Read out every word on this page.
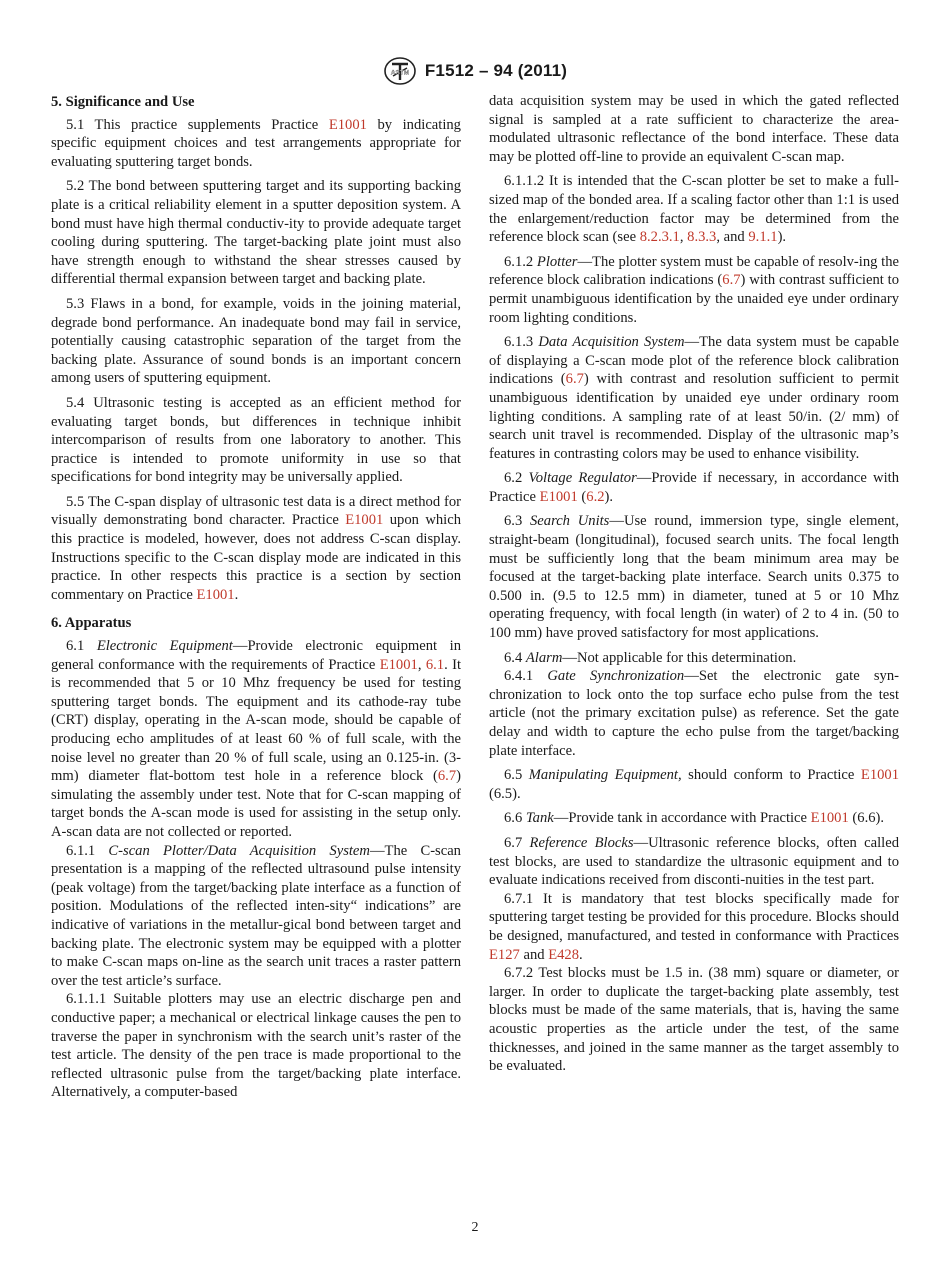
ASTM F1512 – 94 (2011)
5. Significance and Use

5.1 This practice supplements Practice E1001 by indicating specific equipment choices and test arrangements appropriate for evaluating sputtering target bonds.

5.2 The bond between sputtering target and its supporting backing plate is a critical reliability element in a sputter deposition system. A bond must have high thermal conductiv-ity to provide adequate target cooling during sputtering. The target-backing plate joint must also have strength enough to withstand the shear stresses caused by differential thermal expansion between target and backing plate.

5.3 Flaws in a bond, for example, voids in the joining material, degrade bond performance. An inadequate bond may fail in service, potentially causing catastrophic separation of the target from the backing plate. Assurance of sound bonds is an important concern among users of sputtering equipment.

5.4 Ultrasonic testing is accepted as an efficient method for evaluating target bonds, but differences in technique inhibit intercomparison of results from one laboratory to another. This practice is intended to promote uniformity in use so that specifications for bond integrity may be universally applied.

5.5 The C-span display of ultrasonic test data is a direct method for visually demonstrating bond character. Practice E1001 upon which this practice is modeled, however, does not address C-scan display. Instructions specific to the C-scan display mode are indicated in this practice. In other respects this practice is a section by section commentary on Practice E1001.

6. Apparatus

6.1 Electronic Equipment—Provide electronic equipment in general conformance with the requirements of Practice E1001, 6.1. It is recommended that 5 or 10 Mhz frequency be used for testing sputtering target bonds. The equipment and its cathode-ray tube (CRT) display, operating in the A-scan mode, should be capable of producing echo amplitudes of at least 60 % of full scale, with the noise level no greater than 20 % of full scale, using an 0.125-in. (3-mm) diameter flat-bottom test hole in a reference block (6.7) simulating the assembly under test. Note that for C-scan mapping of target bonds the A-scan mode is used for assisting in the setup only. A-scan data are not collected or reported.

6.1.1 C-scan Plotter/Data Acquisition System—The C-scan presentation is a mapping of the reflected ultrasound pulse intensity (peak voltage) from the target/backing plate interface as a function of position. Modulations of the reflected inten-sity“ indications” are indicative of variations in the metallur-gical bond between target and backing plate. The electronic system may be equipped with a plotter to make C-scan maps on-line as the search unit traces a raster pattern over the test article’s surface.

6.1.1.1 Suitable plotters may use an electric discharge pen and conductive paper; a mechanical or electrical linkage causes the pen to traverse the paper in synchronism with the search unit’s raster of the test article. The density of the pen trace is made proportional to the reflected ultrasonic pulse from the target/backing plate interface. Alternatively, a computer-based

data acquisition system may be used in which the gated reflected signal is sampled at a rate sufficient to characterize the area-modulated ultrasonic reflectance of the bond interface. These data may be plotted off-line to provide an equivalent C-scan map.

6.1.1.2 It is intended that the C-scan plotter be set to make a full-sized map of the bonded area. If a scaling factor other than 1:1 is used the enlargement/reduction factor may be determined from the reference block scan (see 8.2.3.1, 8.3.3, and 9.1.1).

6.1.2 Plotter—The plotter system must be capable of resolv-ing the reference block calibration indications (6.7) with contrast sufficient to permit unambiguous identification by the unaided eye under ordinary room lighting conditions.

6.1.3 Data Acquisition System—The data system must be capable of displaying a C-scan mode plot of the reference block calibration indications (6.7) with contrast and resolution sufficient to permit unambiguous identification by unaided eye under ordinary room lighting conditions. A sampling rate of at least 50/in. (2/ mm) of search unit travel is recommended. Display of the ultrasonic map’s features in contrasting colors may be used to enhance visibility.

6.2 Voltage Regulator—Provide if necessary, in accordance with Practice E1001 (6.2).

6.3 Search Units—Use round, immersion type, single element, straight-beam (longitudinal), focused search units. The focal length must be sufficiently long that the beam minimum area may be focused at the target-backing plate interface. Search units 0.375 to 0.500 in. (9.5 to 12.5 mm) in diameter, tuned at 5 or 10 Mhz operating frequency, with focal length (in water) of 2 to 4 in. (50 to 100 mm) have proved satisfactory for most applications.

6.4 Alarm—Not applicable for this determination.

6.4.1 Gate Synchronization—Set the electronic gate syn-chronization to lock onto the top surface echo pulse from the test article (not the primary excitation pulse) as reference. Set the gate delay and width to capture the echo pulse from the target/backing plate interface.

6.5 Manipulating Equipment, should conform to Practice E1001 (6.5).

6.6 Tank—Provide tank in accordance with Practice E1001 (6.6).

6.7 Reference Blocks—Ultrasonic reference blocks, often called test blocks, are used to standardize the ultrasonic equipment and to evaluate indications received from disconti-nuities in the test part.

6.7.1 It is mandatory that test blocks specifically made for sputtering target testing be provided for this procedure. Blocks should be designed, manufactured, and tested in conformance with Practices E127 and E428.

6.7.2 Test blocks must be 1.5 in. (38 mm) square or diameter, or larger. In order to duplicate the target-backing plate assembly, test blocks must be made of the same materials, that is, having the same acoustic properties as the article under the test, of the same thicknesses, and joined in the same manner as the target assembly to be evaluated.

2
